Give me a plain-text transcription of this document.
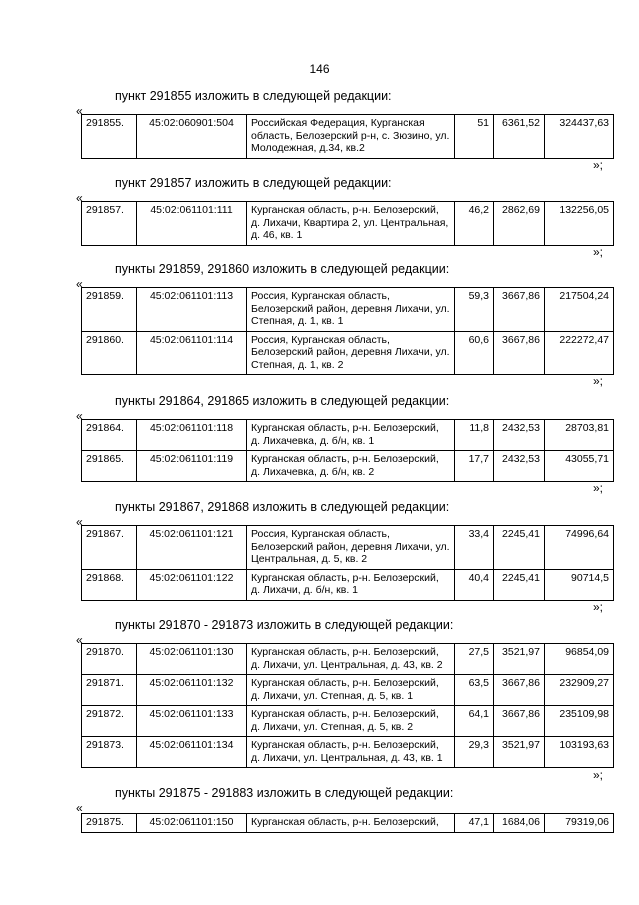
146
пункт 291855 изложить в следующей редакции:
«
291855.	45:02:060901:504	Российская Федерация, Курганская область, Белозерский р-н, с. Зюзино, ул. Молодежная, д.34, кв.2	51	6361,52	324437,63
»;
пункт 291857 изложить в следующей редакции:
«
291857.	45:02:061101:111	Курганская область, р-н. Белозерский, д. Лихачи, Квартира 2, ул. Центральная, д. 46, кв. 1	46,2	2862,69	132256,05
»;
пункты 291859, 291860 изложить в следующей редакции:
«
291859.	45:02:061101:113	Россия, Курганская область, Белозерский район, деревня Лихачи, ул. Степная, д. 1, кв. 1	59,3	3667,86	217504,24
291860.	45:02:061101:114	Россия, Курганская область, Белозерский район, деревня Лихачи, ул. Степная, д. 1, кв. 2	60,6	3667,86	222272,47
»;
пункты 291864, 291865 изложить в следующей редакции:
«
291864.	45:02:061101:118	Курганская область, р-н. Белозерский, д. Лихачевка, д. б/н, кв. 1	11,8	2432,53	28703,81
291865.	45:02:061101:119	Курганская область, р-н. Белозерский, д. Лихачевка, д. б/н, кв. 2	17,7	2432,53	43055,71
»;
пункты 291867, 291868 изложить в следующей редакции:
«
291867.	45:02:061101:121	Россия, Курганская область, Белозерский район, деревня Лихачи, ул. Центральная, д. 5, кв. 2	33,4	2245,41	74996,64
291868.	45:02:061101:122	Курганская область, р-н. Белозерский, д. Лихачи, д. б/н, кв. 1	40,4	2245,41	90714,5
»;
пункты 291870 - 291873 изложить в следующей редакции:
«
291870.	45:02:061101:130	Курганская область, р-н. Белозерский, д. Лихачи, ул. Центральная, д. 43, кв. 2	27,5	3521,97	96854,09
291871.	45:02:061101:132	Курганская область, р-н. Белозерский, д. Лихачи, ул. Степная, д. 5, кв. 1	63,5	3667,86	232909,27
291872.	45:02:061101:133	Курганская область, р-н. Белозерский, д. Лихачи, ул. Степная, д. 5, кв. 2	64,1	3667,86	235109,98
291873.	45:02:061101:134	Курганская область, р-н. Белозерский, д. Лихачи, ул. Центральная, д. 43, кв. 1	29,3	3521,97	103193,63
»;
пункты 291875 - 291883 изложить в следующей редакции:
«
291875.	45:02:061101:150	Курганская область, р-н. Белозерский,	47,1	1684,06	79319,06
